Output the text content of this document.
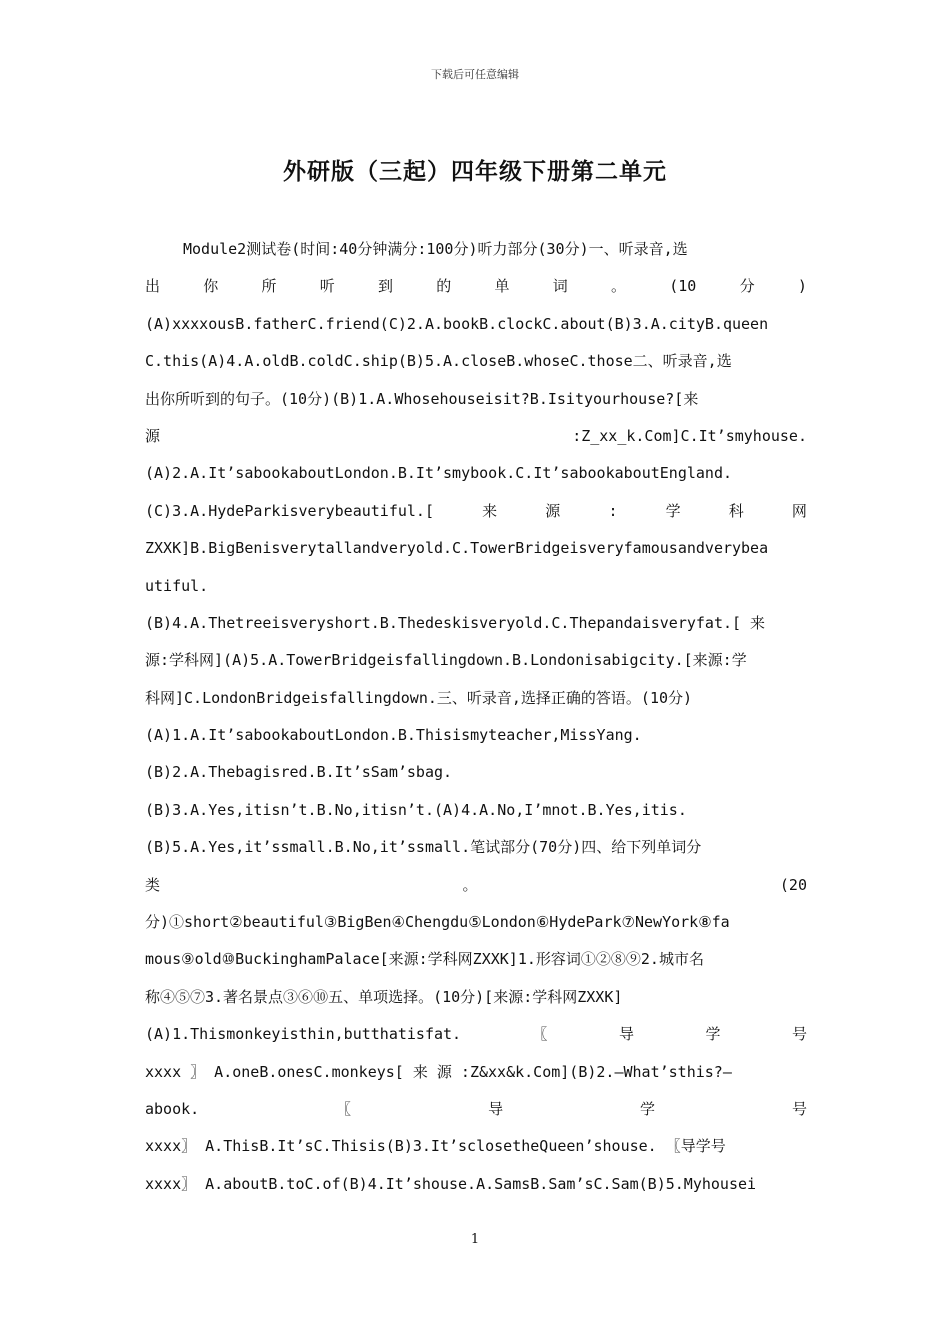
下载后可任意编辑
外研版（三起）四年级下册第二单元
Module2测试卷(时间:40分钟满分:100分)听力部分(30分)一、听录音,选
出	你	所	听	到	的	单	词	。	(10	分	)
(A)xxxxousB.fatherC.friend(C)2.A.bookB.clockC.about(B)3.A.cityB.queen
C.this(A)4.A.oldB.coldC.ship(B)5.A.closeB.whoseC.those二、听录音,选
出你所听到的句子。(10分)(B)1.A.Whosehouseisit?B.Isityourhouse?[来
源	:Z_xx_k.Com]C.It’smyhouse.
(A)2.A.It’sabookaboutLondon.B.It’smybook.C.It’sabookaboutEngland.
(C)3.A.HydeParkisverybeautiful.[	来	源	:	学	科	网
ZXXK]B.BigBenisverytallandveryold.C.TowerBridgeisveryfamousandverybea
utiful.
(B)4.A.Thetreeisveryshort.B.Thedeskisveryold.C.Thepandaisveryfat.[ 来
源:学科网](A)5.A.TowerBridgeisfallingdown.B.Londonisabigcity.[来源:学
科网]C.LondonBridgeisfallingdown.三、听录音,选择正确的答语。(10分)
(A)1.A.It’sabookaboutLondon.B.Thisismyteacher,MissYang.
(B)2.A.Thebagisred.B.It’sSam’sbag.
(B)3.A.Yes,itisn’t.B.No,itisn’t.(A)4.A.No,I’mnot.B.Yes,itis.
(B)5.A.Yes,it’ssmall.B.No,it’ssmall.笔试部分(70分)四、给下列单词分
类	。	(20
分)①short②beautiful③BigBen④Chengdu⑤London⑥HydePark⑦NewYork⑧fa
mous⑨old⑩BuckinghamPalace[来源:学科网ZXXK]1.形容词①②⑧⑨2.城市名
称④⑤⑦3.著名景点③⑥⑩五、单项选择。(10分)[来源:学科网ZXXK]
(A)1.Thismonkeyisthin,butthatisfat.	〖	导	学	号
xxxx 〗 A.oneB.onesC.monkeys[ 来 源 :Z&xx&k.Com](B)2.—What’sthis?—
abook.	〖	导	学	号
xxxx〗 A.ThisB.It’sC.Thisis(B)3.It’sclosetheQueen’shouse. 〖导学号
xxxx〗 A.aboutB.toC.of(B)4.It’shouse.A.SamsB.Sam’sC.Sam(B)5.Myhousei
1
